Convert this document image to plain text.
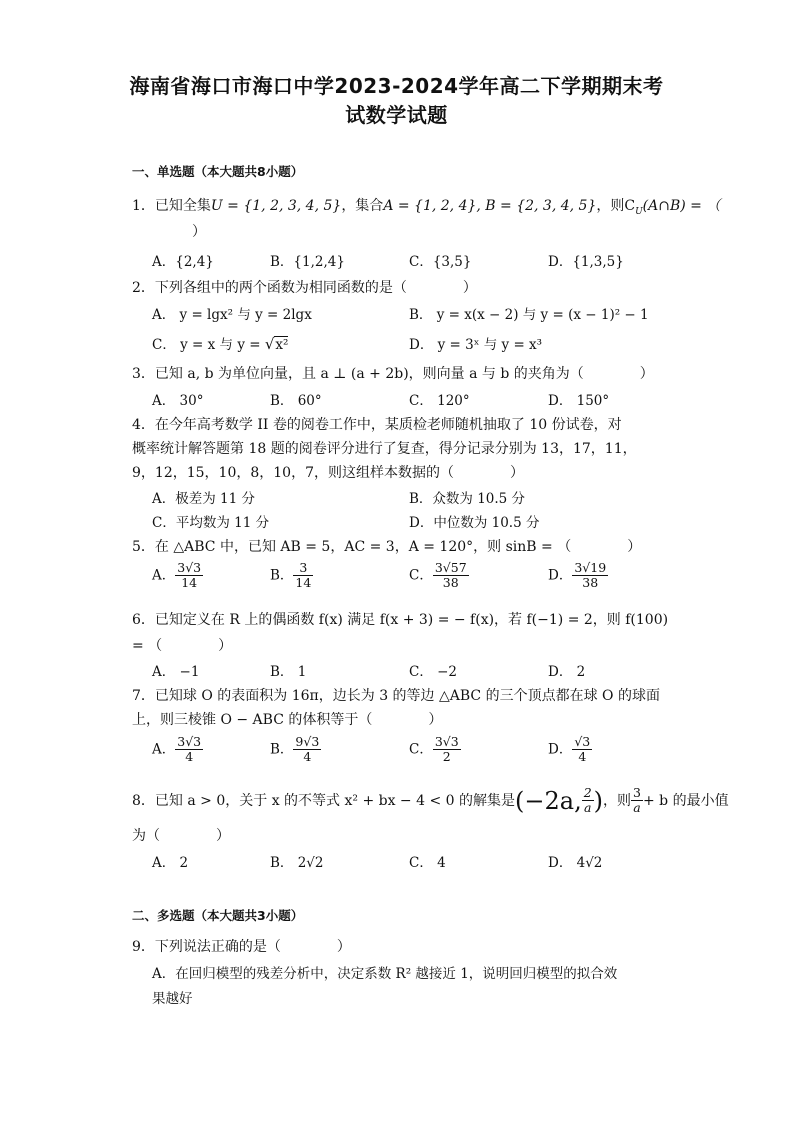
海南省海口市海口中学2023-2024学年高二下学期期末考
试数学试题
一、单选题（本大题共8小题）
1．已知全集U = {1, 2, 3, 4, 5}，集合A = {1, 2, 4}, B = {2, 3, 4, 5}，则$C_U(A\cap B)$ = （
）
A．{2,4}	B．{1,2,4}	C．{3,5}	D．{1,3,5}
2．下列各组中的两个函数为相同函数的是（　　　　）
A． y = lgx² 与 y = 2lgx	B． y = x(x − 2) 与 y = (x − 1)² − 1
C． y = x 与 y = √x²	D． y = 3ˣ 与 y = x³
3．已知 a, b 为单位向量，且 a ⊥ (a + 2b)，则向量 a 与 b 的夹角为（　　　　）
A． 30°	B． 60°	C． 120°	D． 150°
4．在今年高考数学 II 卷的阅卷工作中，某质检老师随机抽取了 10 份试卷，对
概率统计解答题第 18 题的阅卷评分进行了复查，得分记录分别为 13，17，11，
9，12，15，10，8，10，7，则这组样本数据的（　　　　）
A．极差为 11 分	B．众数为 10.5 分
C．平均数为 11 分	D．中位数为 10.5 分
5．在 △ABC 中，已知 AB = 5，AC = 3，A = 120°，则 sinB = （　　　　）
A． $\frac{3√3}{14}$	B． $\frac{3}{14}$	C． $\frac{3√57}{38}$	D． $\frac{3√19}{38}$
6．已知定义在 R 上的偶函数 f(x) 满足 f(x + 3) = − f(x)，若 f(−1) = 2，则 f(100)
= （　　　　）
A． −1	B． 1	C． −2	D． 2
7．已知球 O 的表面积为 16π，边长为 3 的等边 △ABC 的三个顶点都在球 O 的球面
上，则三棱锥 O − ABC 的体积等于（　　　　）
A． $\frac{3√3}{4}$	B． $\frac{9√3}{4}$	C． $\frac{3√3}{2}$	D． $\frac{√3}{4}$
8．已知 a > 0，关于 x 的不等式 x² + bx − 4 < 0 的解集是(−2a, $\frac{2}{a}$ )，则 $\frac{3}{a} + b$ 的最小值
为（　　　　）
A． 2	B． 2√2	C． 4	D． 4√2
二、多选题（本大题共3小题）
9．下列说法正确的是（　　　　）
A．在回归模型的残差分析中，决定系数 R² 越接近 1，说明回归模型的拟合效
果越好
